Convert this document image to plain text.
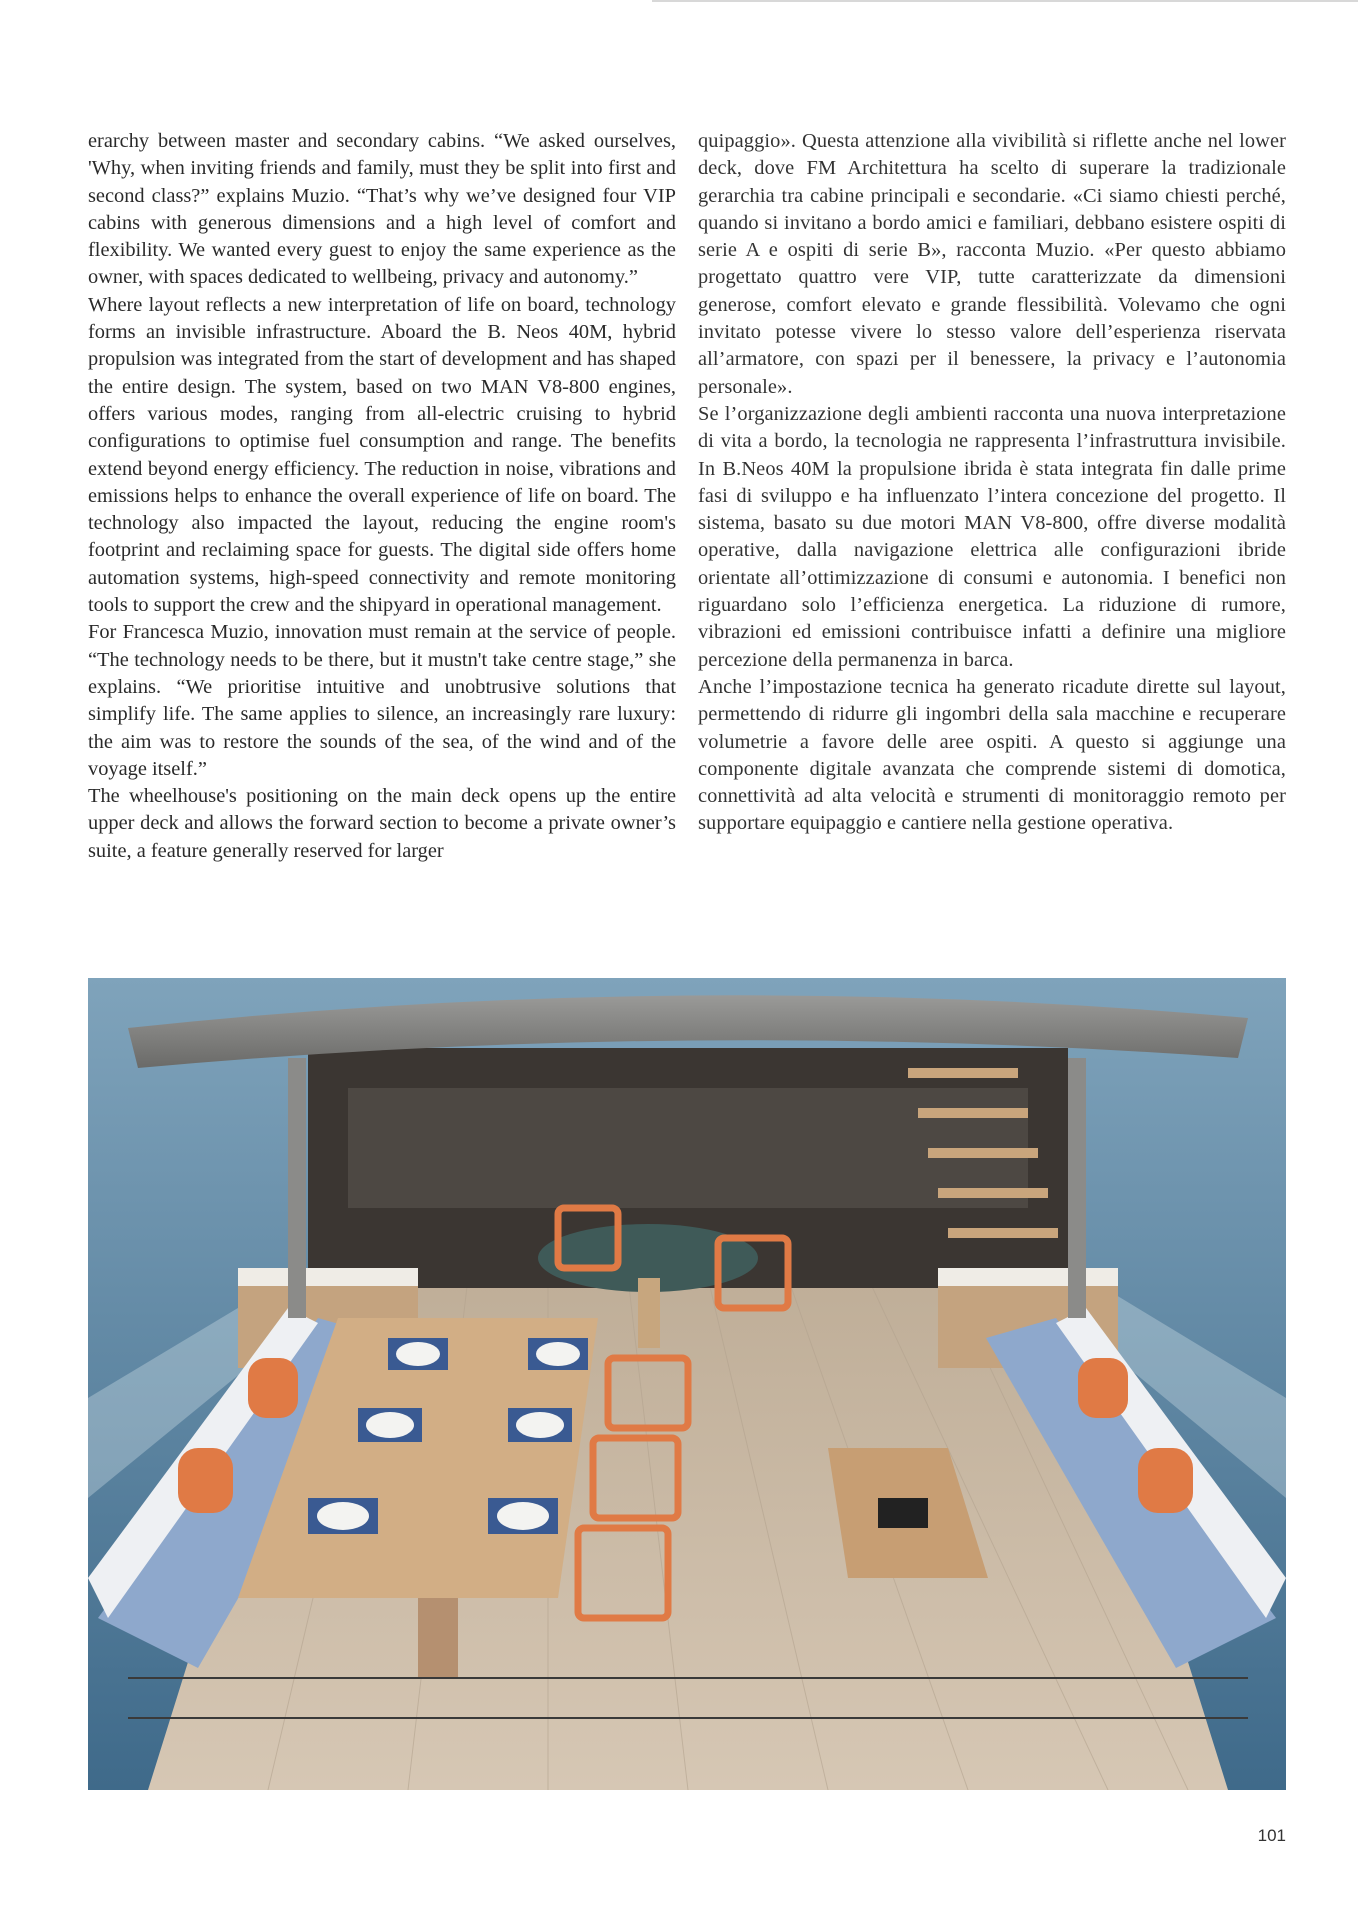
erarchy between master and secondary cabins. “We asked ourselves, 'Why, when inviting friends and family, must they be split into first and second class?” explains Muzio. “That’s why we’ve designed four VIP cabins with generous dimensions and a high level of comfort and flexibility. We wanted every guest to enjoy the same experience as the owner, with spaces dedicated to wellbeing, privacy and autonomy.”

Where layout reflects a new interpretation of life on board, technology forms an invisible infrastructure. Aboard the B. Neos 40M, hybrid propulsion was integrated from the start of development and has shaped the entire design. The system, based on two MAN V8-800 engines, offers various modes, ranging from all-electric cruising to hybrid configurations to optimise fuel consumption and range. The benefits extend beyond energy efficiency. The reduction in noise, vibrations and emissions helps to enhance the overall experience of life on board. The technology also impacted the layout, reducing the engine room's footprint and reclaiming space for guests. The digital side offers home automation systems, high-speed connectivity and remote monitoring tools to support the crew and the shipyard in operational management.

For Francesca Muzio, innovation must remain at the service of people. “The technology needs to be there, but it mustn't take centre stage,” she explains. “We prioritise intuitive and unobtrusive solutions that simplify life. The same applies to silence, an increasingly rare luxury: the aim was to restore the sounds of the sea, of the wind and of the voyage itself.”

The wheelhouse's positioning on the main deck opens up the entire upper deck and allows the forward section to become a private owner’s suite, a feature generally reserved for larger

quipaggio». Questa attenzione alla vivibilità si riflette anche nel lower deck, dove FM Architettura ha scelto di superare la tradizionale gerarchia tra cabine principali e secondarie. «Ci siamo chiesti perché, quando si invitano a bordo amici e familiari, debbano esistere ospiti di serie A e ospiti di serie B», racconta Muzio. «Per questo abbiamo progettato quattro vere VIP, tutte caratterizzate da dimensioni generose, comfort elevato e grande flessibilità. Volevamo che ogni invitato potesse vivere lo stesso valore dell’esperienza riservata all’armatore, con spazi per il benessere, la privacy e l’autonomia personale».

Se l’organizzazione degli ambienti racconta una nuova interpretazione di vita a bordo, la tecnologia ne rappresenta l’infrastruttura invisibile. In B.Neos 40M la propulsione ibrida è stata integrata fin dalle prime fasi di sviluppo e ha influenzato l’intera concezione del progetto. Il sistema, basato su due motori MAN V8-800, offre diverse modalità operative, dalla navigazione elettrica alle configurazioni ibride orientate all’ottimizzazione di consumi e autonomia. I benefici non riguardano solo l’efficienza energetica. La riduzione di rumore, vibrazioni ed emissioni contribuisce infatti a definire una migliore percezione della permanenza in barca.

Anche l’impostazione tecnica ha generato ricadute dirette sul layout, permettendo di ridurre gli ingombri della sala macchine e recuperare volumetrie a favore delle aree ospiti. A questo si aggiunge una componente digitale avanzata che comprende sistemi di domotica, connettività ad alta velocità e strumenti di monitoraggio remoto per supportare equipaggio e cantiere nella gestione operativa.

101
